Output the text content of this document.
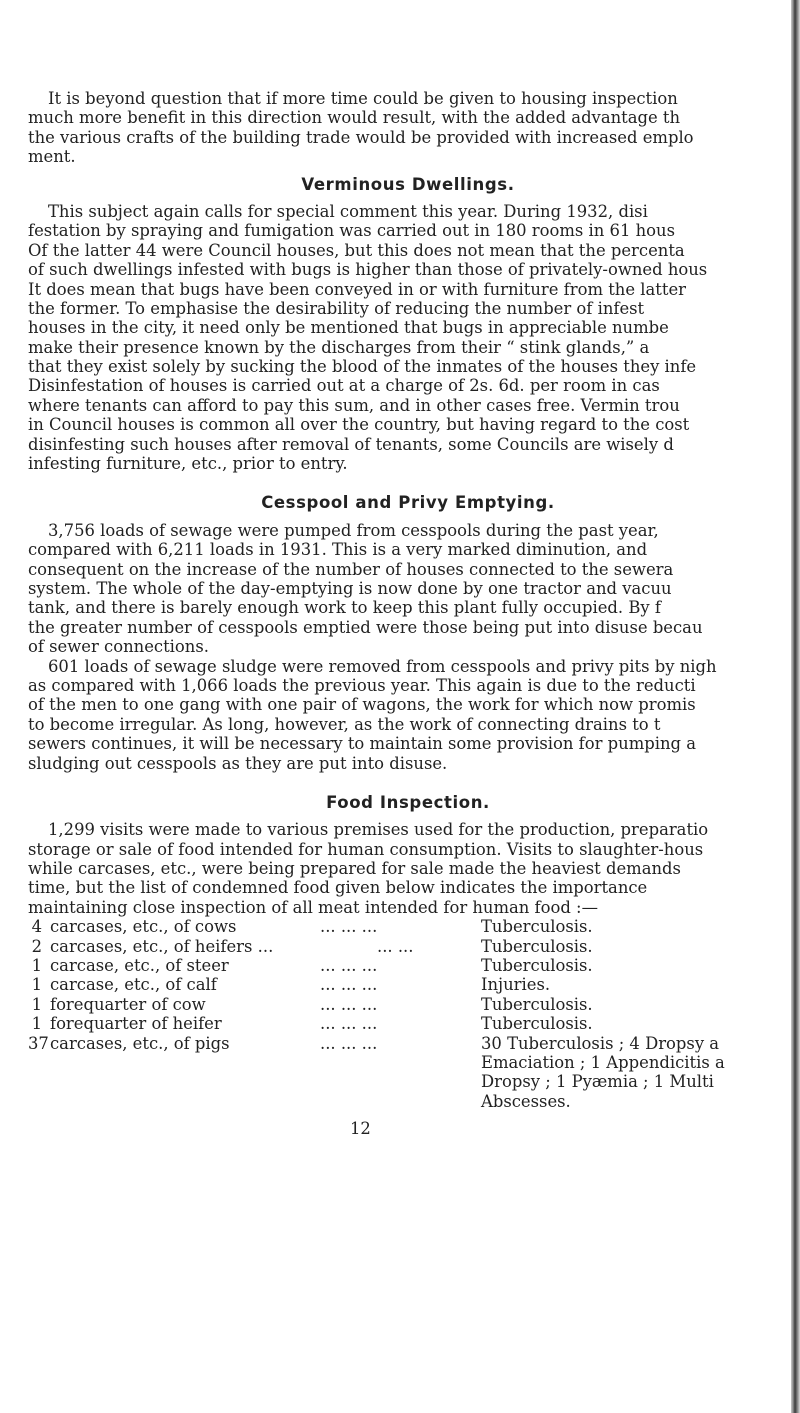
It is beyond question that if more time could be given to housing inspection
much more benefit in this direction would result, with the added advantage th
the various crafts of the building trade would be provided with increased emplo
ment.
Verminous Dwellings.
This subject again calls for special comment this year. During 1932, disi
festation by spraying and fumigation was carried out in 180 rooms in 61 hous
Of the latter 44 were Council houses, but this does not mean that the percenta
of such dwellings infested with bugs is higher than those of privately-owned hous
It does mean that bugs have been conveyed in or with furniture from the latter
the former. To emphasise the desirability of reducing the number of infest
houses in the city, it need only be mentioned that bugs in appreciable numbe
make their presence known by the discharges from their “ stink glands,” a
that they exist solely by sucking the blood of the inmates of the houses they infe
Disinfestation of houses is carried out at a charge of 2s. 6d. per room in cas
where tenants can afford to pay this sum, and in other cases free. Vermin trou
in Council houses is common all over the country, but having regard to the cost
disinfesting such houses after removal of tenants, some Councils are wisely d
infesting furniture, etc., prior to entry.
Cesspool and Privy Emptying.
3,756 loads of sewage were pumped from cesspools during the past year,
compared with 6,211 loads in 1931. This is a very marked diminution, and
consequent on the increase of the number of houses connected to the sewera
system. The whole of the day-emptying is now done by one tractor and vacuu
tank, and there is barely enough work to keep this plant fully occupied. By f
the greater number of cesspools emptied were those being put into disuse becau
of sewer connections.
601 loads of sewage sludge were removed from cesspools and privy pits by nigh
as compared with 1,066 loads the previous year. This again is due to the reducti
of the men to one gang with one pair of wagons, the work for which now promis
to become irregular. As long, however, as the work of connecting drains to t
sewers continues, it will be necessary to maintain some provision for pumping a
sludging out cesspools as they are put into disuse.
Food Inspection.
1,299 visits were made to various premises used for the production, preparatio
storage or sale of food intended for human consumption. Visits to slaughter-hous
while carcases, etc., were being prepared for sale made the heaviest demands
time, but the list of condemned food given below indicates the importance
maintaining close inspection of all meat intended for human food :—
4 carcases, etc., of cows	... ... ...	Tuberculosis.
2 carcases, etc., of heifers ...	... ...	Tuberculosis.
1 carcase, etc., of steer	... ... ...	Tuberculosis.
1 carcase, etc., of calf	... ... ...	Injuries.
1 forequarter of cow	... ... ...	Tuberculosis.
1 forequarter of heifer	... ... ...	Tuberculosis.
37 carcases, etc., of pigs	... ... ...	30 Tuberculosis ; 4 Dropsy a
Emaciation ; 1 Appendicitis a
Dropsy ; 1 Pyæmia ; 1 Multi
Abscesses.
12
